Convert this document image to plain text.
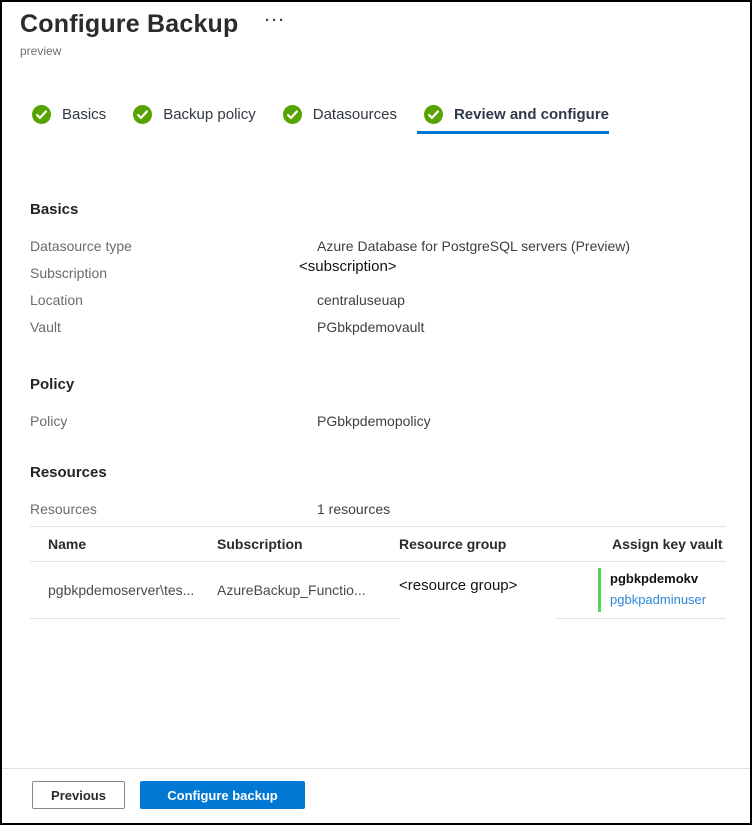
Configure Backup
preview
···
Basics	Backup policy	Datasources	Review and configure
Basics
Datasource type	Azure Database for PostgreSQL servers (Preview)
Subscription	<subscription>
Location	centraluseuap
Vault	PGbkpdemovault
Policy
Policy	PGbkpdemopolicy
Resources
Resources	1 resources
Name	Subscription	Resource group	Assign key vault
pgbkpdemoserver\tes...	AzureBackup_Functio...	<resource group>	pgbkpdemokv
pgbkpadminuser
Previous	Configure backup
